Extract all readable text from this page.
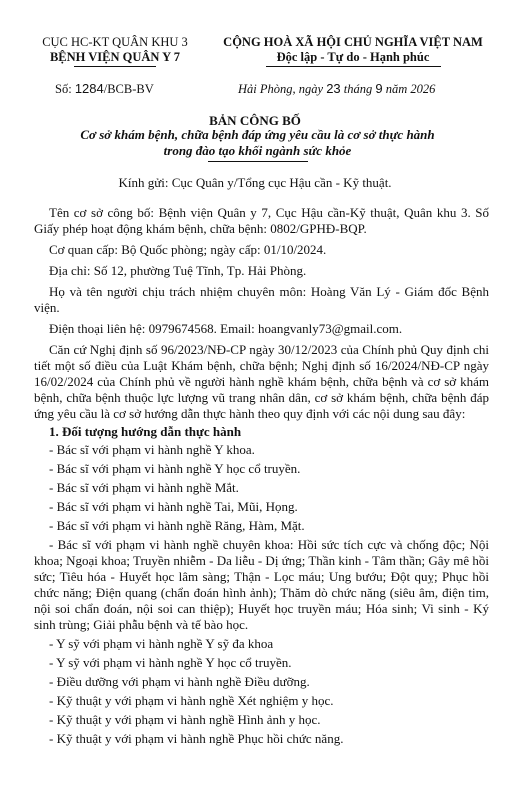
CỤC HC-KT QUÂN KHU 3
BỆNH VIỆN QUÂN Y 7
CỘNG HOÀ XÃ HỘI CHỦ NGHĨA VIỆT NAM
Độc lập - Tự do - Hạnh phúc
Số: 1284/BCB-BV	Hải Phòng, ngày 23 tháng 9 năm 2026
BẢN CÔNG BỐ
Cơ sở khám bệnh, chữa bệnh đáp ứng yêu cầu là cơ sở thực hành
trong đào tạo khối ngành sức khỏe
Kính gửi: Cục Quân y/Tổng cục Hậu cần - Kỹ thuật.

Tên cơ sở công bố: Bệnh viện Quân y 7, Cục Hậu cần-Kỹ thuật, Quân khu 3. Số Giấy phép hoạt động khám bệnh, chữa bệnh: 0802/GPHĐ-BQP.

Cơ quan cấp: Bộ Quốc phòng; ngày cấp: 01/10/2024.

Địa chỉ: Số 12, phường Tuệ Tĩnh, Tp. Hải Phòng.

Họ và tên người chịu trách nhiệm chuyên môn: Hoàng Văn Lý - Giám đốc Bệnh viện.

Điện thoại liên hệ: 0979674568. Email: hoangvanly73@gmail.com.

Căn cứ Nghị định số 96/2023/NĐ-CP ngày 30/12/2023 của Chính phủ Quy định chi tiết một số điều của Luật Khám bệnh, chữa bệnh; Nghị định số 16/2024/NĐ-CP ngày 16/02/2024 của Chính phủ về người hành nghề khám bệnh, chữa bệnh và cơ sở khám bệnh, chữa bệnh thuộc lực lượng vũ trang nhân dân, cơ sở khám bệnh, chữa bệnh đáp ứng yêu cầu là cơ sở hướng dẫn thực hành theo quy định với các nội dung sau đây:

1. Đối tượng hướng dẫn thực hành
- Bác sĩ với phạm vi hành nghề Y khoa.
- Bác sĩ với phạm vi hành nghề Y học cổ truyền.
- Bác sĩ với phạm vi hành nghề Mắt.
- Bác sĩ với phạm vi hành nghề Tai, Mũi, Họng.
- Bác sĩ với phạm vi hành nghề Răng, Hàm, Mặt.
- Bác sĩ với phạm vi hành nghề chuyên khoa: Hồi sức tích cực và chống độc; Nội khoa; Ngoại khoa; Truyền nhiễm - Da liễu - Dị ứng; Thần kinh - Tâm thần; Gây mê hồi sức; Tiêu hóa - Huyết học lâm sàng; Thận - Lọc máu; Ung bướu; Đột quỵ; Phục hồi chức năng; Điện quang (chẩn đoán hình ảnh); Thăm dò chức năng (siêu âm, điện tim, nội soi chẩn đoán, nội soi can thiệp); Huyết học truyền máu; Hóa sinh; Vi sinh - Ký sinh trùng; Giải phẫu bệnh và tế bào học.
- Y sỹ với phạm vi hành nghề Y sỹ đa khoa
- Y sỹ với phạm vi hành nghề Y học cổ truyền.
- Điều dưỡng với phạm vi hành nghề Điều dưỡng.
- Kỹ thuật y với phạm vi hành nghề Xét nghiệm y học.
- Kỹ thuật y với phạm vi hành nghề Hình ảnh y học.
- Kỹ thuật y với phạm vi hành nghề Phục hồi chức năng.
